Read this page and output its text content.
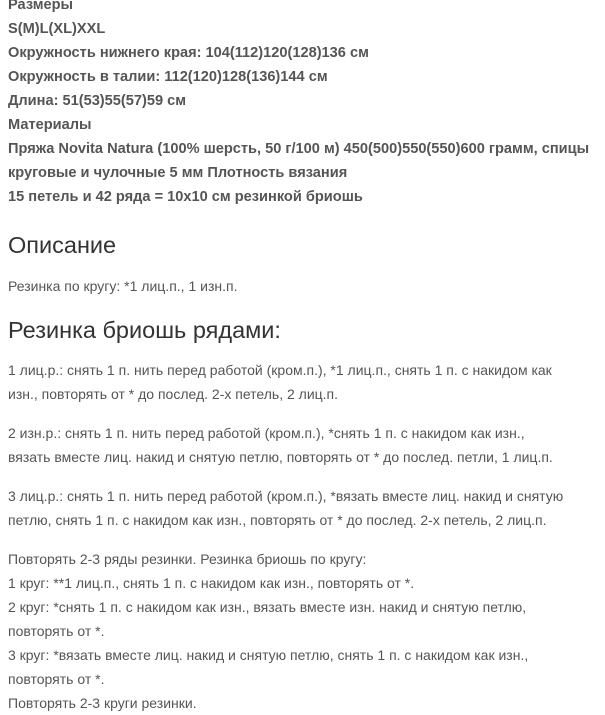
Размеры
S(M)L(XL)XXL
Окружность нижнего края: 104(112)120(128)136 см
Окружность в талии: 112(120)128(136)144 см
Длина: 51(53)55(57)59 см
Материалы
Пряжа Novita Natura (100% шерсть, 50 г/100 м) 450(500)550(550)600 грамм, спицы
круговые и чулочные 5 мм Плотность вязания
15 петель и 42 ряда = 10х10 см резинкой бриошь
Описание

Резинка по кругу: *1 лиц.п., 1 изн.п.

Резинка бриошь рядами:

1 лиц.р.: снять 1 п. нить перед работой (кром.п.), *1 лиц.п., снять 1 п. с накидом как
изн., повторять от * до послед. 2-х петель, 2 лиц.п.

2 изн.р.: снять 1 п. нить перед работой (кром.п.), *снять 1 п. с накидом как изн.,
вязать вместе лиц. накид и снятую петлю, повторять от * до послед. петли, 1 лиц.п.

3 лиц.р.: снять 1 п. нить перед работой (кром.п.), *вязать вместе лиц. накид и снятую
петлю, снять 1 п. с накидом как изн., повторять от * до послед. 2-х петель, 2 лиц.п.

Повторять 2-3 ряды резинки. Резинка бриошь по кругу:
1 круг: **1 лиц.п., снять 1 п. с накидом как изн., повторять от *.
2 круг: *снять 1 п. с накидом как изн., вязать вместе изн. накид и снятую петлю,
повторять от *.
3 круг: *вязать вместе лиц. накид и снятую петлю, снять 1 п. с накидом как изн.,
повторять от *.
Повторять 2-3 круги резинки.
